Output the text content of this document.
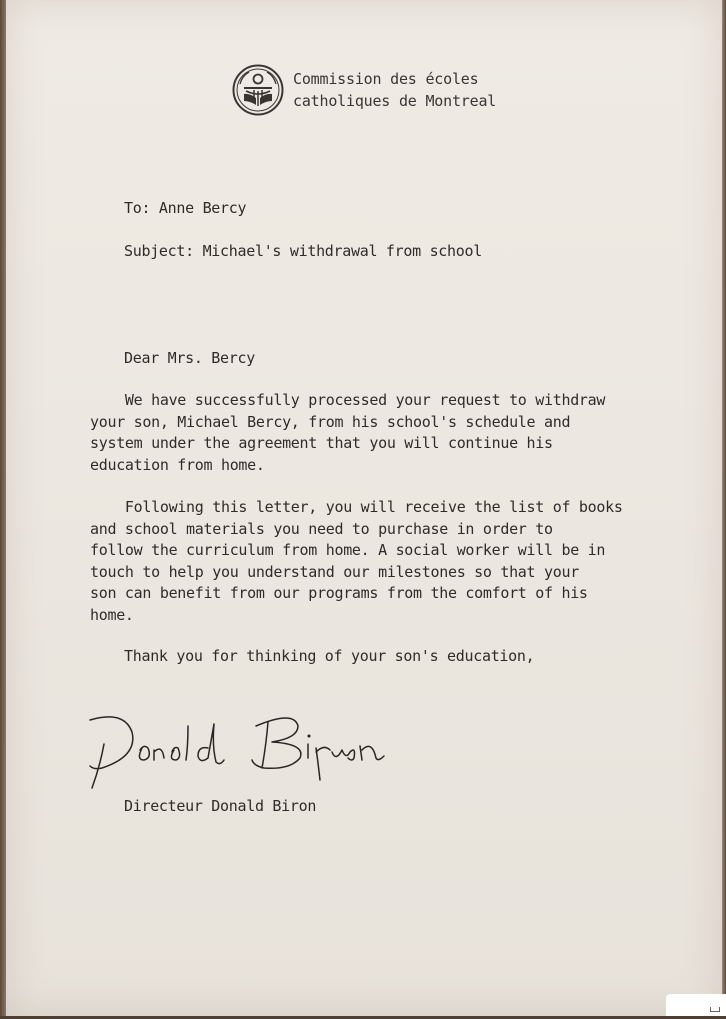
Commission des écoles
catholiques de Montreal
To: Anne Bercy
Subject: Michael's withdrawal from school
Dear Mrs. Bercy
We have successfully processed your request to withdraw
your son, Michael Bercy, from his school's schedule and
system under the agreement that you will continue his
education from home.
Following this letter, you will receive the list of books
and school materials you need to purchase in order to
follow the curriculum from home. A social worker will be in
touch to help you understand our milestones so that your
son can benefit from our programs from the comfort of his
home.
Thank you for thinking of your son's education,
Directeur Donald Biron
